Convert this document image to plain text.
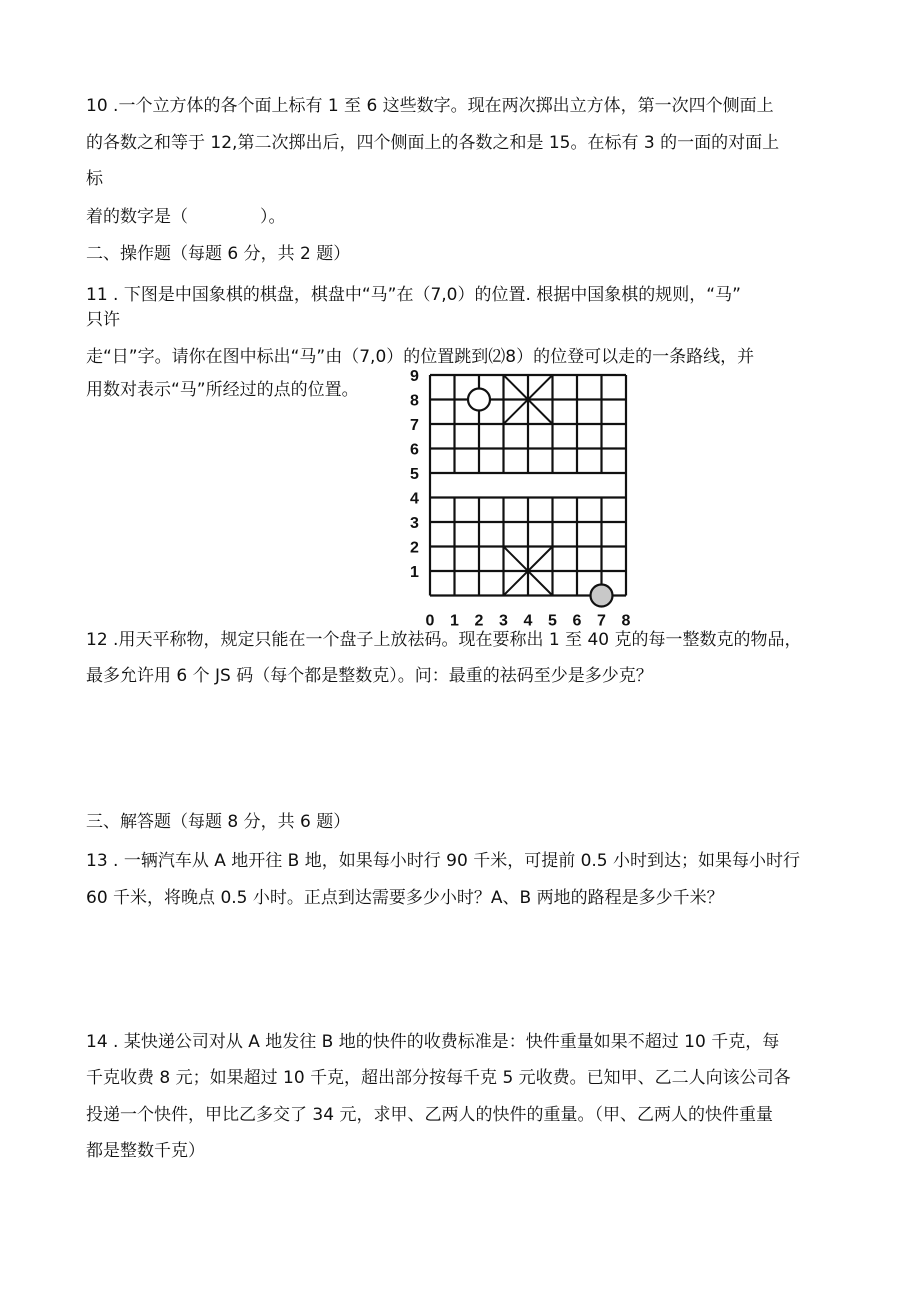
10 .一个立方体的各个面上标有 1 至 6 这些数字。现在两次掷出立方体，第一次四个侧面上
的各数之和等于 12,第二次掷出后，四个侧面上的各数之和是 15。在标有 3 的一面的对面上
标
着的数字是（	）。
二、操作题（每题 6 分，共 2 题）
11 . 下图是中国象棋的棋盘，棋盘中“马”在（7,0）的位置. 根据中国象棋的规则，“马”
只许
走“日”字。请你在图中标出“马”由（7,0）的位置跳到⑵8）的位登可以走的一条路线，并
用数对表示“马”所经过的点的位置。
9
8
7
6
5
4
3
2
1
0 1 2 3 4 5 6 7 8
12 .用天平称物，规定只能在一个盘子上放祛码。现在要称出 1 至 40 克的每一整数克的物品，
最多允许用 6 个 JS 码（每个都是整数克）。问：最重的祛码至少是多少克？
三、解答题（每题 8 分，共 6 题）
13 . 一辆汽车从 A 地开往 B 地，如果每小时行 90 千米，可提前 0.5 小时到达；如果每小时行
60 千米，将晚点 0.5 小时。正点到达需要多少小时？A、B 两地的路程是多少千米？
14 . 某快递公司对从 A 地发往 B 地的快件的收费标准是：快件重量如果不超过 10 千克，每
千克收费 8 元；如果超过 10 千克，超出部分按每千克 5 元收费。已知甲、乙二人向该公司各
投递一个快件，甲比乙多交了 34 元，求甲、乙两人的快件的重量。（甲、乙两人的快件重量
都是整数千克）
